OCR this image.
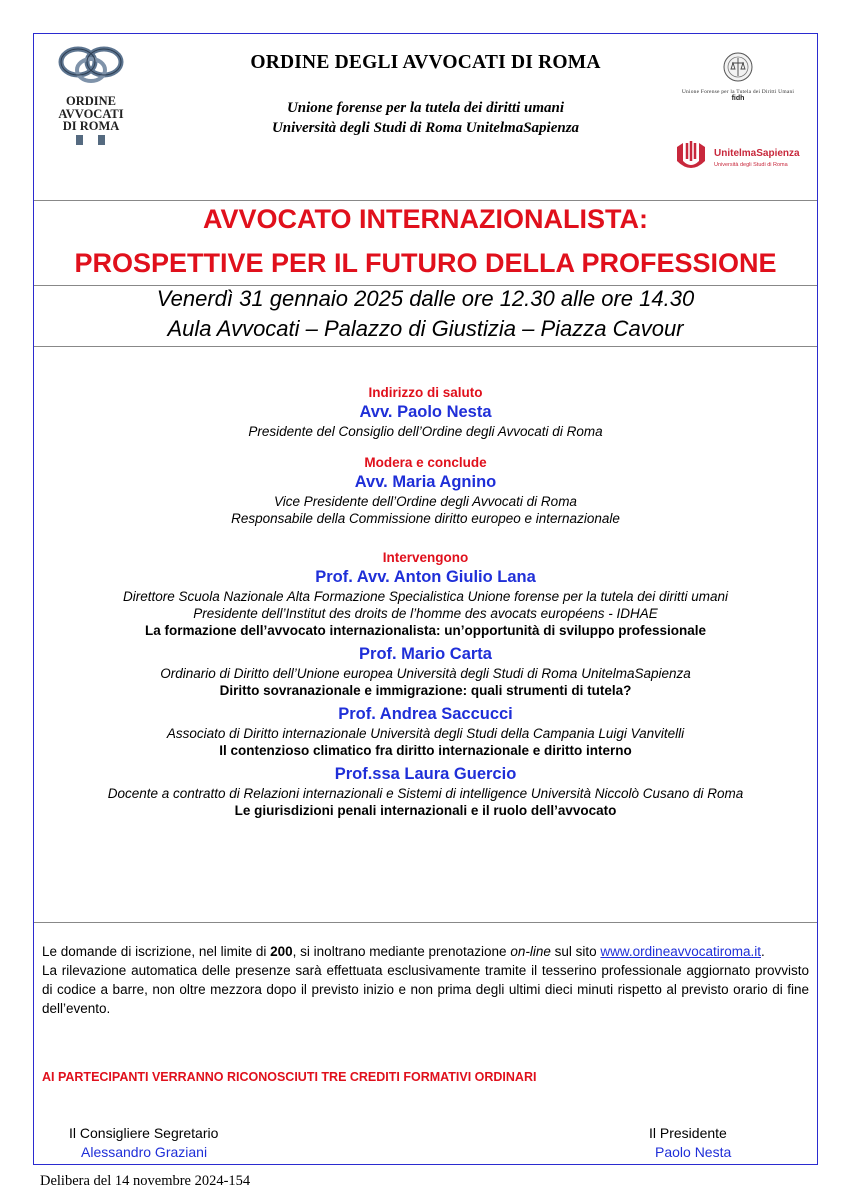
ORDINE
AVVOCATI
DI ROMA
ORDINE DEGLI AVVOCATI DI ROMA
Unione forense per la tutela dei diritti umani
Università degli Studi di Roma UnitelmaSapienza
Unione Forense per la Tutela dei Diritti Umani
fidh
UnitelmaSapienza
Università degli Studi di Roma
AVVOCATO INTERNAZIONALISTA:
PROSPETTIVE PER IL FUTURO DELLA PROFESSIONE
Venerdì 31 gennaio 2025 dalle ore 12.30 alle ore 14.30
Aula Avvocati – Palazzo di Giustizia – Piazza Cavour
Indirizzo di saluto
Avv. Paolo Nesta
Presidente del Consiglio dell’Ordine degli Avvocati di Roma
Modera e conclude
Avv. Maria Agnino
Vice Presidente dell’Ordine degli Avvocati di Roma
Responsabile della Commissione diritto europeo e internazionale
Intervengono
Prof. Avv. Anton Giulio Lana
Direttore Scuola Nazionale Alta Formazione Specialistica Unione forense per la tutela dei diritti umani
Presidente dell’Institut des droits de l’homme des avocats européens - IDHAE
La formazione dell’avvocato internazionalista: un’opportunità di sviluppo professionale
Prof. Mario Carta
Ordinario di Diritto dell’Unione europea Università degli Studi di Roma UnitelmaSapienza
Diritto sovranazionale e immigrazione: quali strumenti di tutela?
Prof. Andrea Saccucci
Associato di Diritto internazionale Università degli Studi della Campania Luigi Vanvitelli
Il contenzioso climatico fra diritto internazionale e diritto interno
Prof.ssa Laura Guercio
Docente a contratto di Relazioni internazionali e Sistemi di intelligence Università Niccolò Cusano di Roma
Le giurisdizioni penali internazionali e il ruolo dell’avvocato
Le domande di iscrizione, nel limite di 200, si inoltrano mediante prenotazione on-line sul sito www.ordineavvocatiroma.it.
La rilevazione automatica delle presenze sarà effettuata esclusivamente tramite il tesserino professionale aggiornato provvisto di codice a barre, non oltre mezzora dopo il previsto inizio e non prima degli ultimi dieci minuti rispetto al previsto orario di fine dell’evento.
AI PARTECIPANTI VERRANNO RICONOSCIUTI TRE CREDITI FORMATIVI ORDINARI
Il Consigliere Segretario
Alessandro Graziani
Il Presidente
Paolo Nesta
Delibera del 14 novembre 2024-154
